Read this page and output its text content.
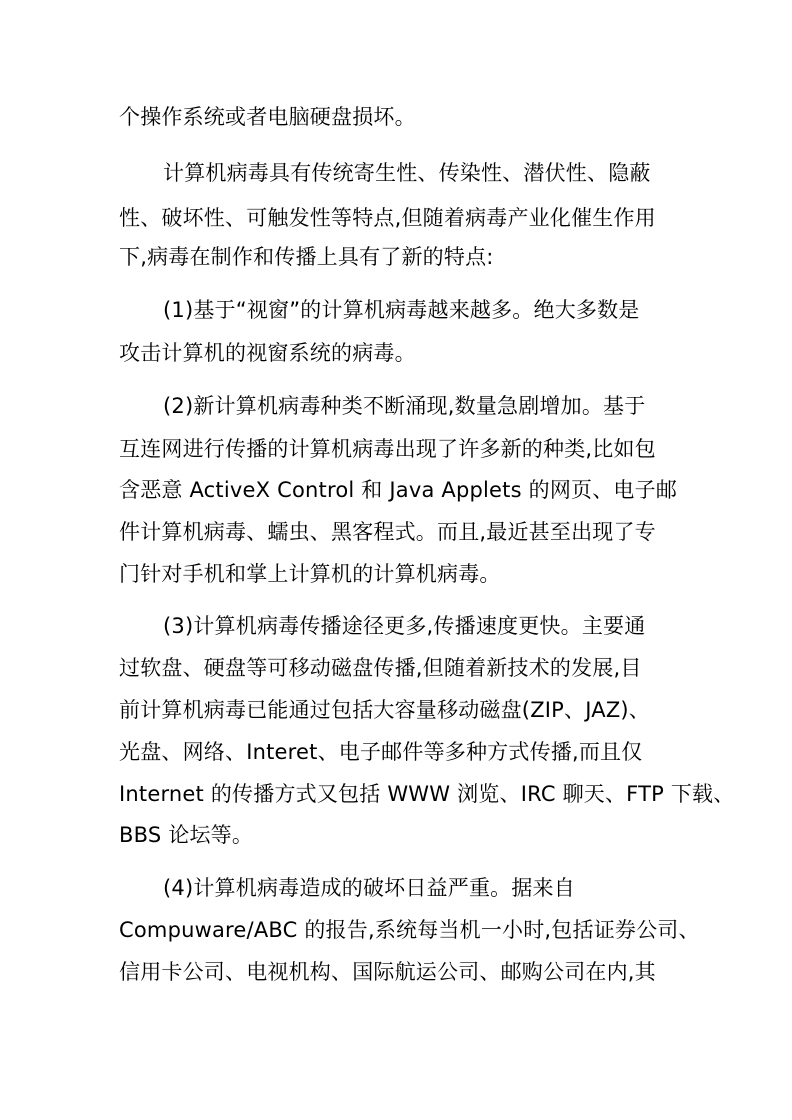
个操作系统或者电脑硬盘损坏。
计算机病毒具有传统寄生性、传染性、潜伏性、隐蔽
性、破坏性、可触发性等特点,但随着病毒产业化催生作用
下,病毒在制作和传播上具有了新的特点:
(1)基于“视窗”的计算机病毒越来越多。绝大多数是
攻击计算机的视窗系统的病毒。
(2)新计算机病毒种类不断涌现,数量急剧增加。基于
互连网进行传播的计算机病毒出现了许多新的种类,比如包
含恶意 ActiveX Control 和 Java Applets 的网页、电子邮
件计算机病毒、蠕虫、黑客程式。而且,最近甚至出现了专
门针对手机和掌上计算机的计算机病毒。
(3)计算机病毒传播途径更多,传播速度更快。主要通
过软盘、硬盘等可移动磁盘传播,但随着新技术的发展,目
前计算机病毒已能通过包括大容量移动磁盘(ZIP、JAZ)、
光盘、网络、Interet、电子邮件等多种方式传播,而且仅
Internet 的传播方式又包括 WWW 浏览、IRC 聊天、FTP 下载、
BBS 论坛等。
(4)计算机病毒造成的破坏日益严重。据来自
Compuware/ABC 的报告,系统每当机一小时,包括证券公司、
信用卡公司、电视机构、国际航运公司、邮购公司在内,其
